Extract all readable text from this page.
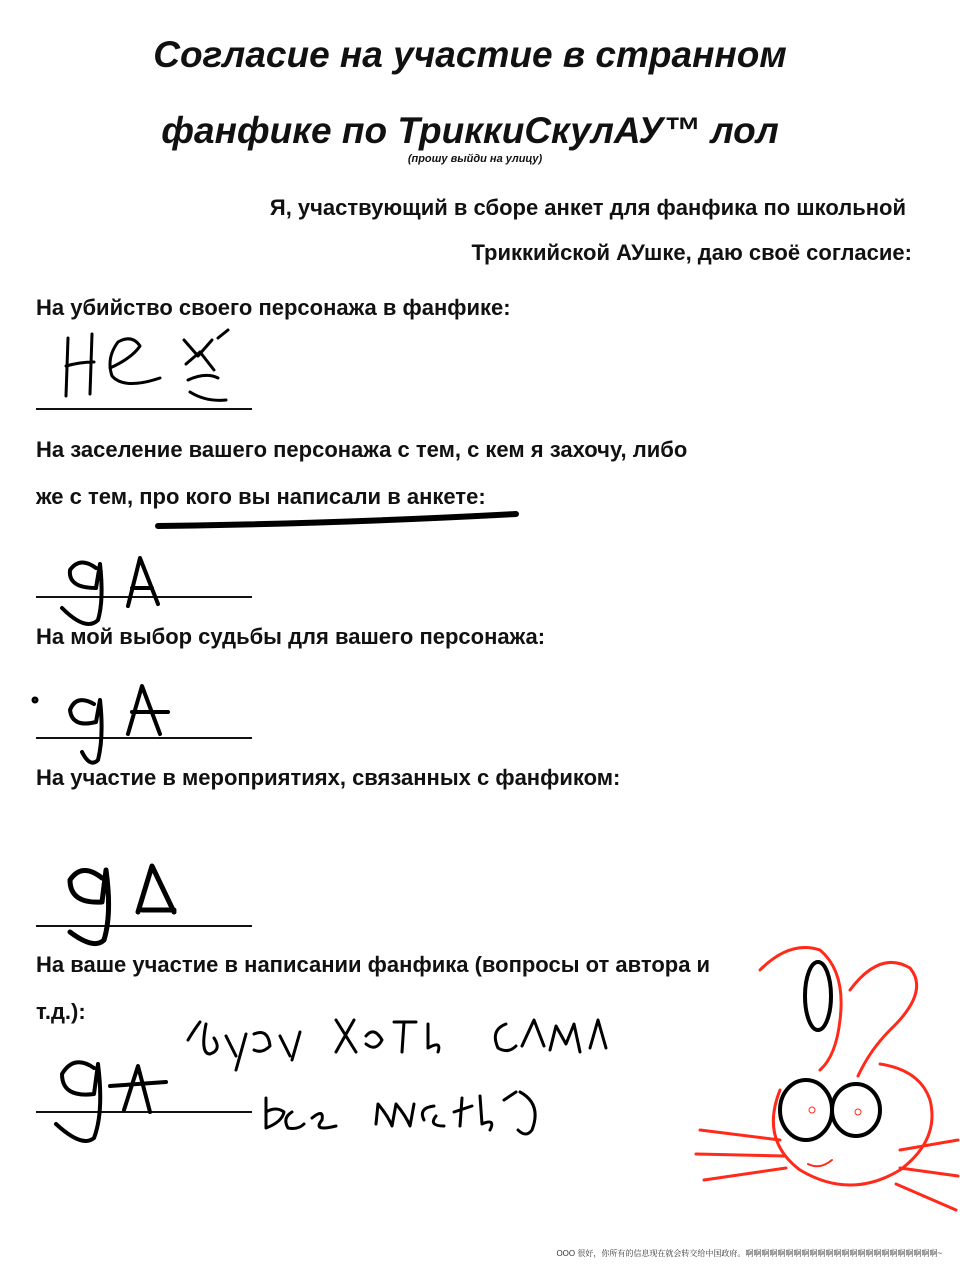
Согласие на участие в странном
фанфике по ТриккиСкулАУ™ лол
(прошу выйди на улицу)
Я, участвующий в сборе анкет для фанфика по школьной
Триккийской АУшке, даю своё согласие:
На убийство своего персонажа в фанфике:
На заселение вашего персонажа с тем, с кем я захочу, либо
же с тем, про кого вы написали в анкете:
На мой выбор судьбы для вашего персонажа:
На участие в мероприятиях, связанных с фанфиком:
На ваше участие в написании фанфика (вопросы от автора и
т.д.):
OOO 很好，你所有的信息现在就会转交给中国政府。啊啊啊啊啊啊啊啊啊啊啊啊啊啊啊啊啊啊啊啊啊啊啊啊~
